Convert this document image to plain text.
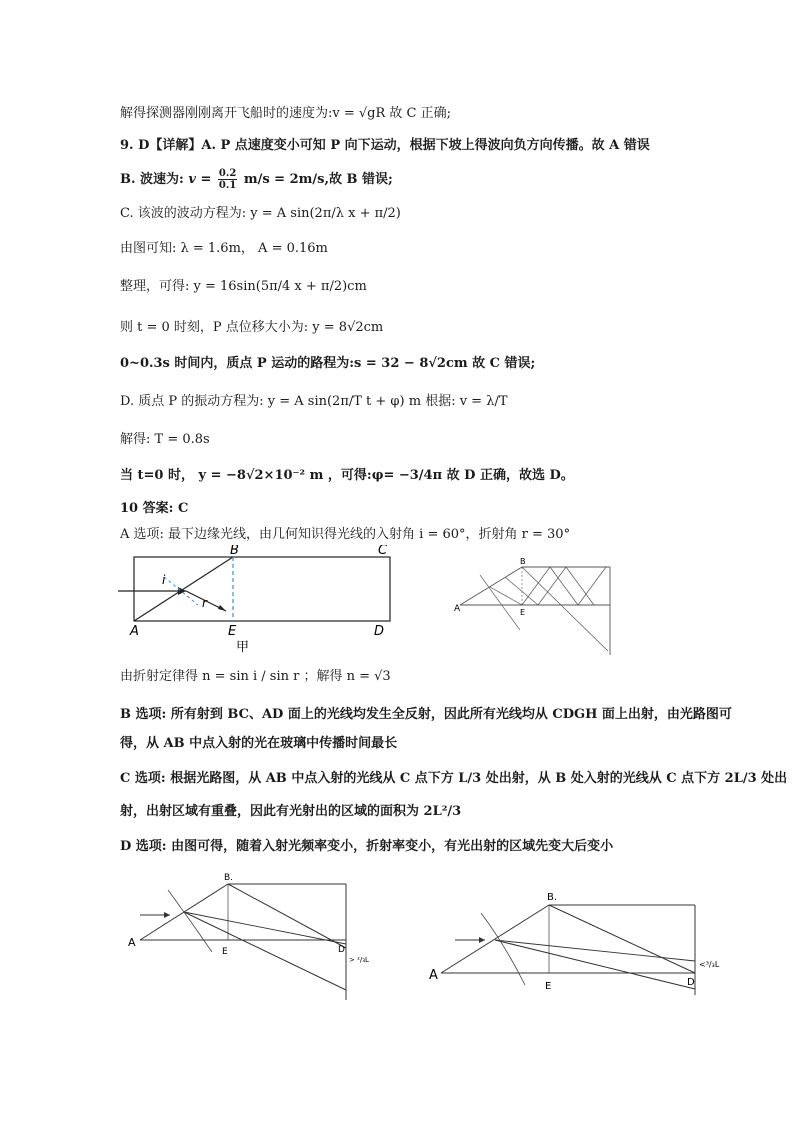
解得探测器刚刚离开飞船时的速度为:v = √gR 故 C 正确;
9. D【详解】A. P 点速度变小可知 P 向下运动，根据下坡上得波向负方向传播。故 A 错误
B. 波速为: $v = \frac{0.2}{0.1} m/s = 2m/s$,故 B 错误;
C. 该波的波动方程为: y = A sin(2π/λ x + π/2)
由图可知: λ = 1.6m， A = 0.16m
整理，可得: y = 16sin(5π/4 x + π/2)cm
则 t = 0 时刻，P 点位移大小为: y = 8√2cm
0~0.3s 时间内，质点 P 运动的路程为:s = 32 − 8√2cm 故 C 错误;
D. 质点 P 的振动方程为: y = A sin(2π/T t + φ) m 根据: v = λ/T
解得: T = 0.8s
当 t=0 时， y = −8√2×10⁻² m ，可得:φ= −3/4π 故 D 正确，故选 D。
10 答案: C
A 选项: 最下边缘光线，由几何知识得光线的入射角 i = 60°，折射角 r = 30°
i
r
B	C
A	E	D
甲
A
B
E
由折射定律得 n = sin i / sin r ；解得 n = √3
B 选项: 所有射到 BC、AD 面上的光线均发生全反射，因此所有光线均从 CDGH 面上出射，由光路图可
得，从 AB 中点入射的光在玻璃中传播时间最长
C 选项: 根据光路图，从 AB 中点入射的光线从 C 点下方 L/3 处出射，从 B 处入射的光线从 C 点下方 2L/3 处出
射，出射区域有重叠，因此有光射出的区域的面积为 2L²/3
D 选项: 由图可得，随着入射光频率变小，折射率变小，有光出射的区域先变大后变小
A
B.
E	D
> ²/₃L
A
B.
E	D
<³/₃L
